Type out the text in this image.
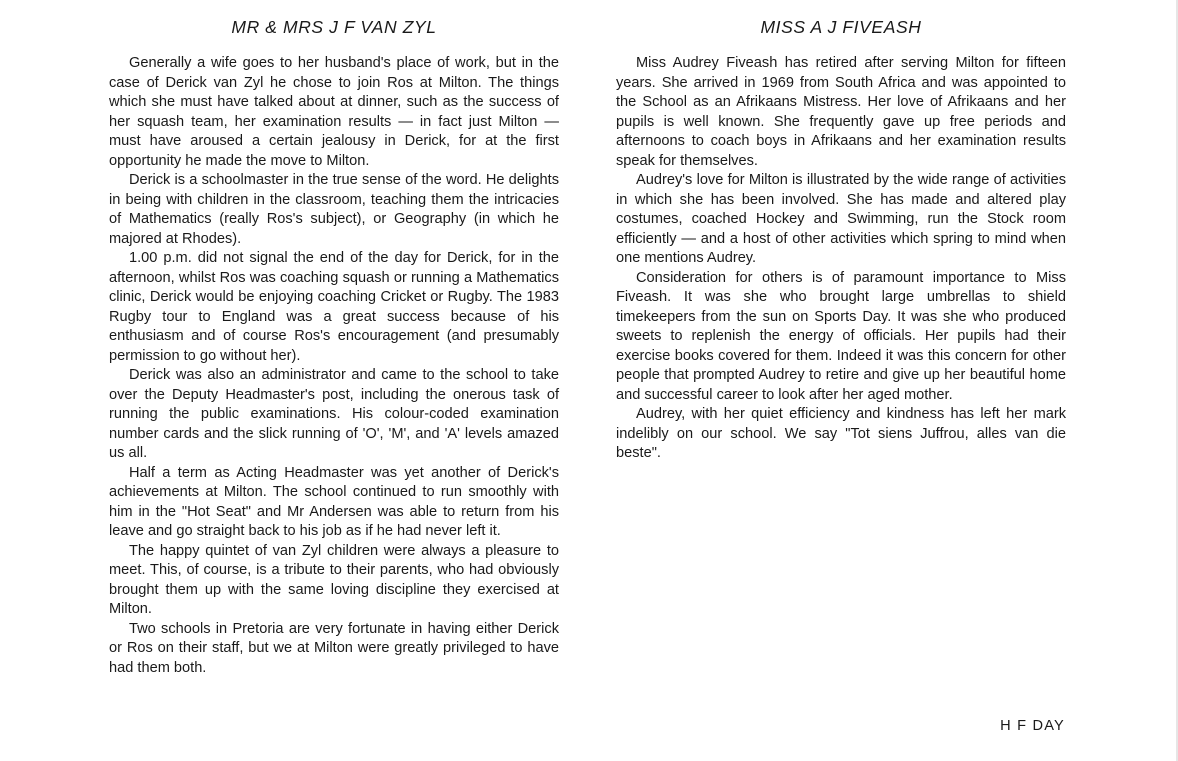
MR & MRS J F VAN ZYL

Generally a wife goes to her husband's place of work, but in the case of Derick van Zyl he chose to join Ros at Milton. The things which she must have talked about at dinner, such as the success of her squash team, her examination results — in fact just Milton — must have aroused a certain jealousy in Derick, for at the first opportunity he made the move to Milton.

Derick is a schoolmaster in the true sense of the word. He delights in being with children in the classroom, teaching them the intricacies of Mathematics (really Ros's subject), or Geography (in which he majored at Rhodes).

1.00 p.m. did not signal the end of the day for Derick, for in the afternoon, whilst Ros was coaching squash or running a Mathematics clinic, Derick would be enjoying coaching Cricket or Rugby. The 1983 Rugby tour to England was a great success because of his enthusiasm and of course Ros's encouragement (and presumably permission to go without her).

Derick was also an administrator and came to the school to take over the Deputy Headmaster's post, including the onerous task of running the public examinations. His colour-coded examination number cards and the slick running of 'O', 'M', and 'A' levels amazed us all.

Half a term as Acting Headmaster was yet another of Derick's achievements at Milton. The school continued to run smoothly with him in the "Hot Seat" and Mr Andersen was able to return from his leave and go straight back to his job as if he had never left it.

The happy quintet of van Zyl children were always a pleasure to meet. This, of course, is a tribute to their parents, who had obviously brought them up with the same loving discipline they exercised at Milton.

Two schools in Pretoria are very fortunate in having either Derick or Ros on their staff, but we at Milton were greatly privileged to have had them both.

MISS A J FIVEASH

Miss Audrey Fiveash has retired after serving Milton for fifteen years. She arrived in 1969 from South Africa and was appointed to the School as an Afrikaans Mistress. Her love of Afrikaans and her pupils is well known. She frequently gave up free periods and afternoons to coach boys in Afrikaans and her examination results speak for themselves.

Audrey's love for Milton is illustrated by the wide range of activities in which she has been involved. She has made and altered play costumes, coached Hockey and Swimming, run the Stock room efficiently — and a host of other activities which spring to mind when one mentions Audrey.

Consideration for others is of paramount importance to Miss Fiveash. It was she who brought large umbrellas to shield timekeepers from the sun on Sports Day. It was she who produced sweets to replenish the energy of officials. Her pupils had their exercise books covered for them. Indeed it was this concern for other people that prompted Audrey to retire and give up her beautiful home and successful career to look after her aged mother.

Audrey, with her quiet efficiency and kindness has left her mark indelibly on our school. We say "Tot siens Juffrou, alles van die beste".

H F DAY
